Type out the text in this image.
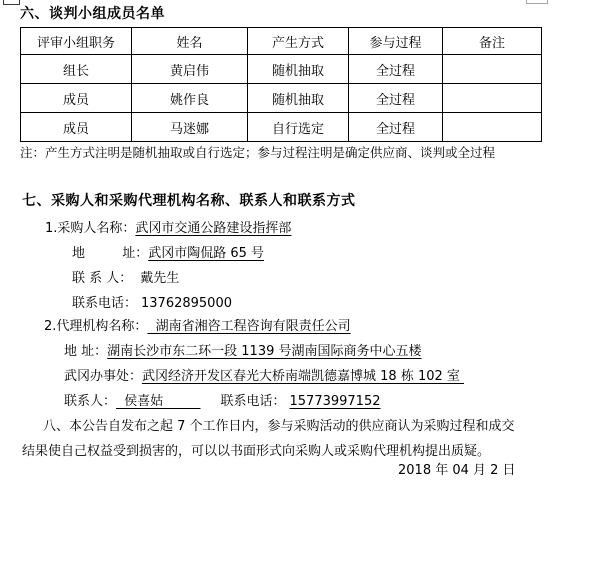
六、谈判小组成员名单
评审小组职务	姓名	产生方式	参与过程	备注
组长	黄启伟	随机抽取	全过程	
成员	姚作良	随机抽取	全过程	
成员	马迷娜	自行选定	全过程	
注：产生方式注明是随机抽取或自行选定；参与过程注明是确定供应商、谈判或全过程
七、采购人和采购代理机构名称、联系人和联系方式
1.采购人名称：武冈市交通公路建设指挥部
地         址：武冈市陶侃路 65 号
联 系 人： 戴先生
联系电话： 13762895000
2.代理机构名称：  湖南省湘咨工程咨询有限责任公司
地 址：湖南长沙市东二环一段 1139 号湖南国际商务中心五楼
武冈办事处：武冈经济开发区春光大桥南端凯德嘉博城 18 栋 102 室
联系人：  侯喜姑         联系电话： 15773997152
八、本公告自发布之起 7 个工作日内，参与采购活动的供应商认为采购过程和成交结果使自己权益受到损害的，可以以书面形式向采购人或采购代理机构提出质疑。
2018 年 04 月 2 日
